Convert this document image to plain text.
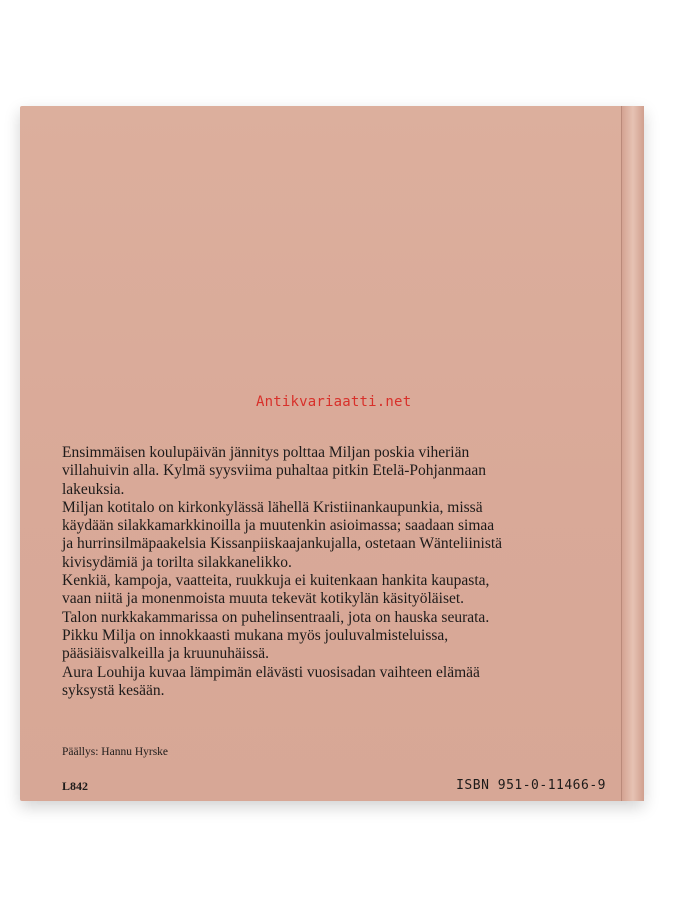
Antikvariaatti.net

Ensimmäisen koulupäivän jännitys polttaa Miljan poskia viheriän

villahuivin alla. Kylmä syysviima puhaltaa pitkin Etelä-Pohjanmaan

lakeuksia.

Miljan kotitalo on kirkonkylässä lähellä Kristiinankaupunkia, missä

käydään silakkamarkkinoilla ja muutenkin asioimassa; saadaan simaa

ja hurrinsilmäpaakelsia Kissanpiiskaajankujalla, ostetaan Wänteliinistä

kivisydämiä ja torilta silakkanelikko.

Kenkiä, kampoja, vaatteita, ruukkuja ei kuitenkaan hankita kaupasta,

vaan niitä ja monenmoista muuta tekevät kotikylän käsityöläiset.

Talon nurkkakammarissa on puhelinsentraali, jota on hauska seurata.

Pikku Milja on innokkaasti mukana myös jouluvalmisteluissa,

pääsiäisvalkeilla ja kruunuhäissä.

Aura Louhija kuvaa lämpimän elävästi vuosisadan vaihteen elämää

syksystä kesään.

Päällys: Hannu Hyrske
L842	ISBN 951-0-11466-9
